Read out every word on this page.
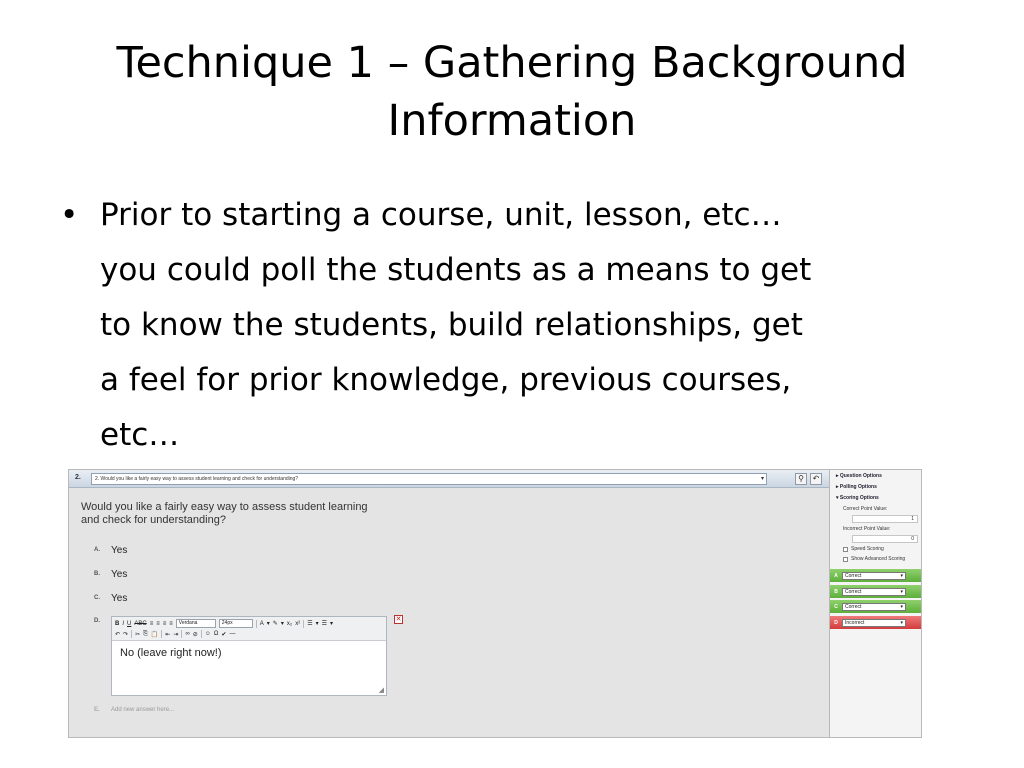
Technique 1 – Gathering Background
Information
• Prior to starting a course, unit, lesson, etc…
you could poll the students as a means to get
to know the students, build relationships, get
a feel for prior knowledge, previous courses,
etc…
2.	2. Would you like a fairly easy way to assess student learning and check for understanding?	▾	⚲	↶
Would you like a fairly easy way to assess student learning
and check for understanding?
A. Yes
B. Yes
C. Yes
D.	B I U ABC ≡ ≡ ≡ ≡	Verdana	24px	A ▾ ✎ ▾ x₂ x² ☰ ▾ ☰ ▾
↶ ↷ ✂ ⎘ 📋 ⇤ ⇥ ∞ ⊘ ☺ Ω ✔ —
No (leave right now!)
◢
✕
E. Add new answer here...
▸ Question Options
▸ Polling Options
▾ Scoring Options
Correct Point Value:
1
Incorrect Point Value:
0
Speed Scoring
Show Advanced Scoring
A	Correct	▾
B	Correct	▾
C	Correct	▾
D	Incorrect	▾
